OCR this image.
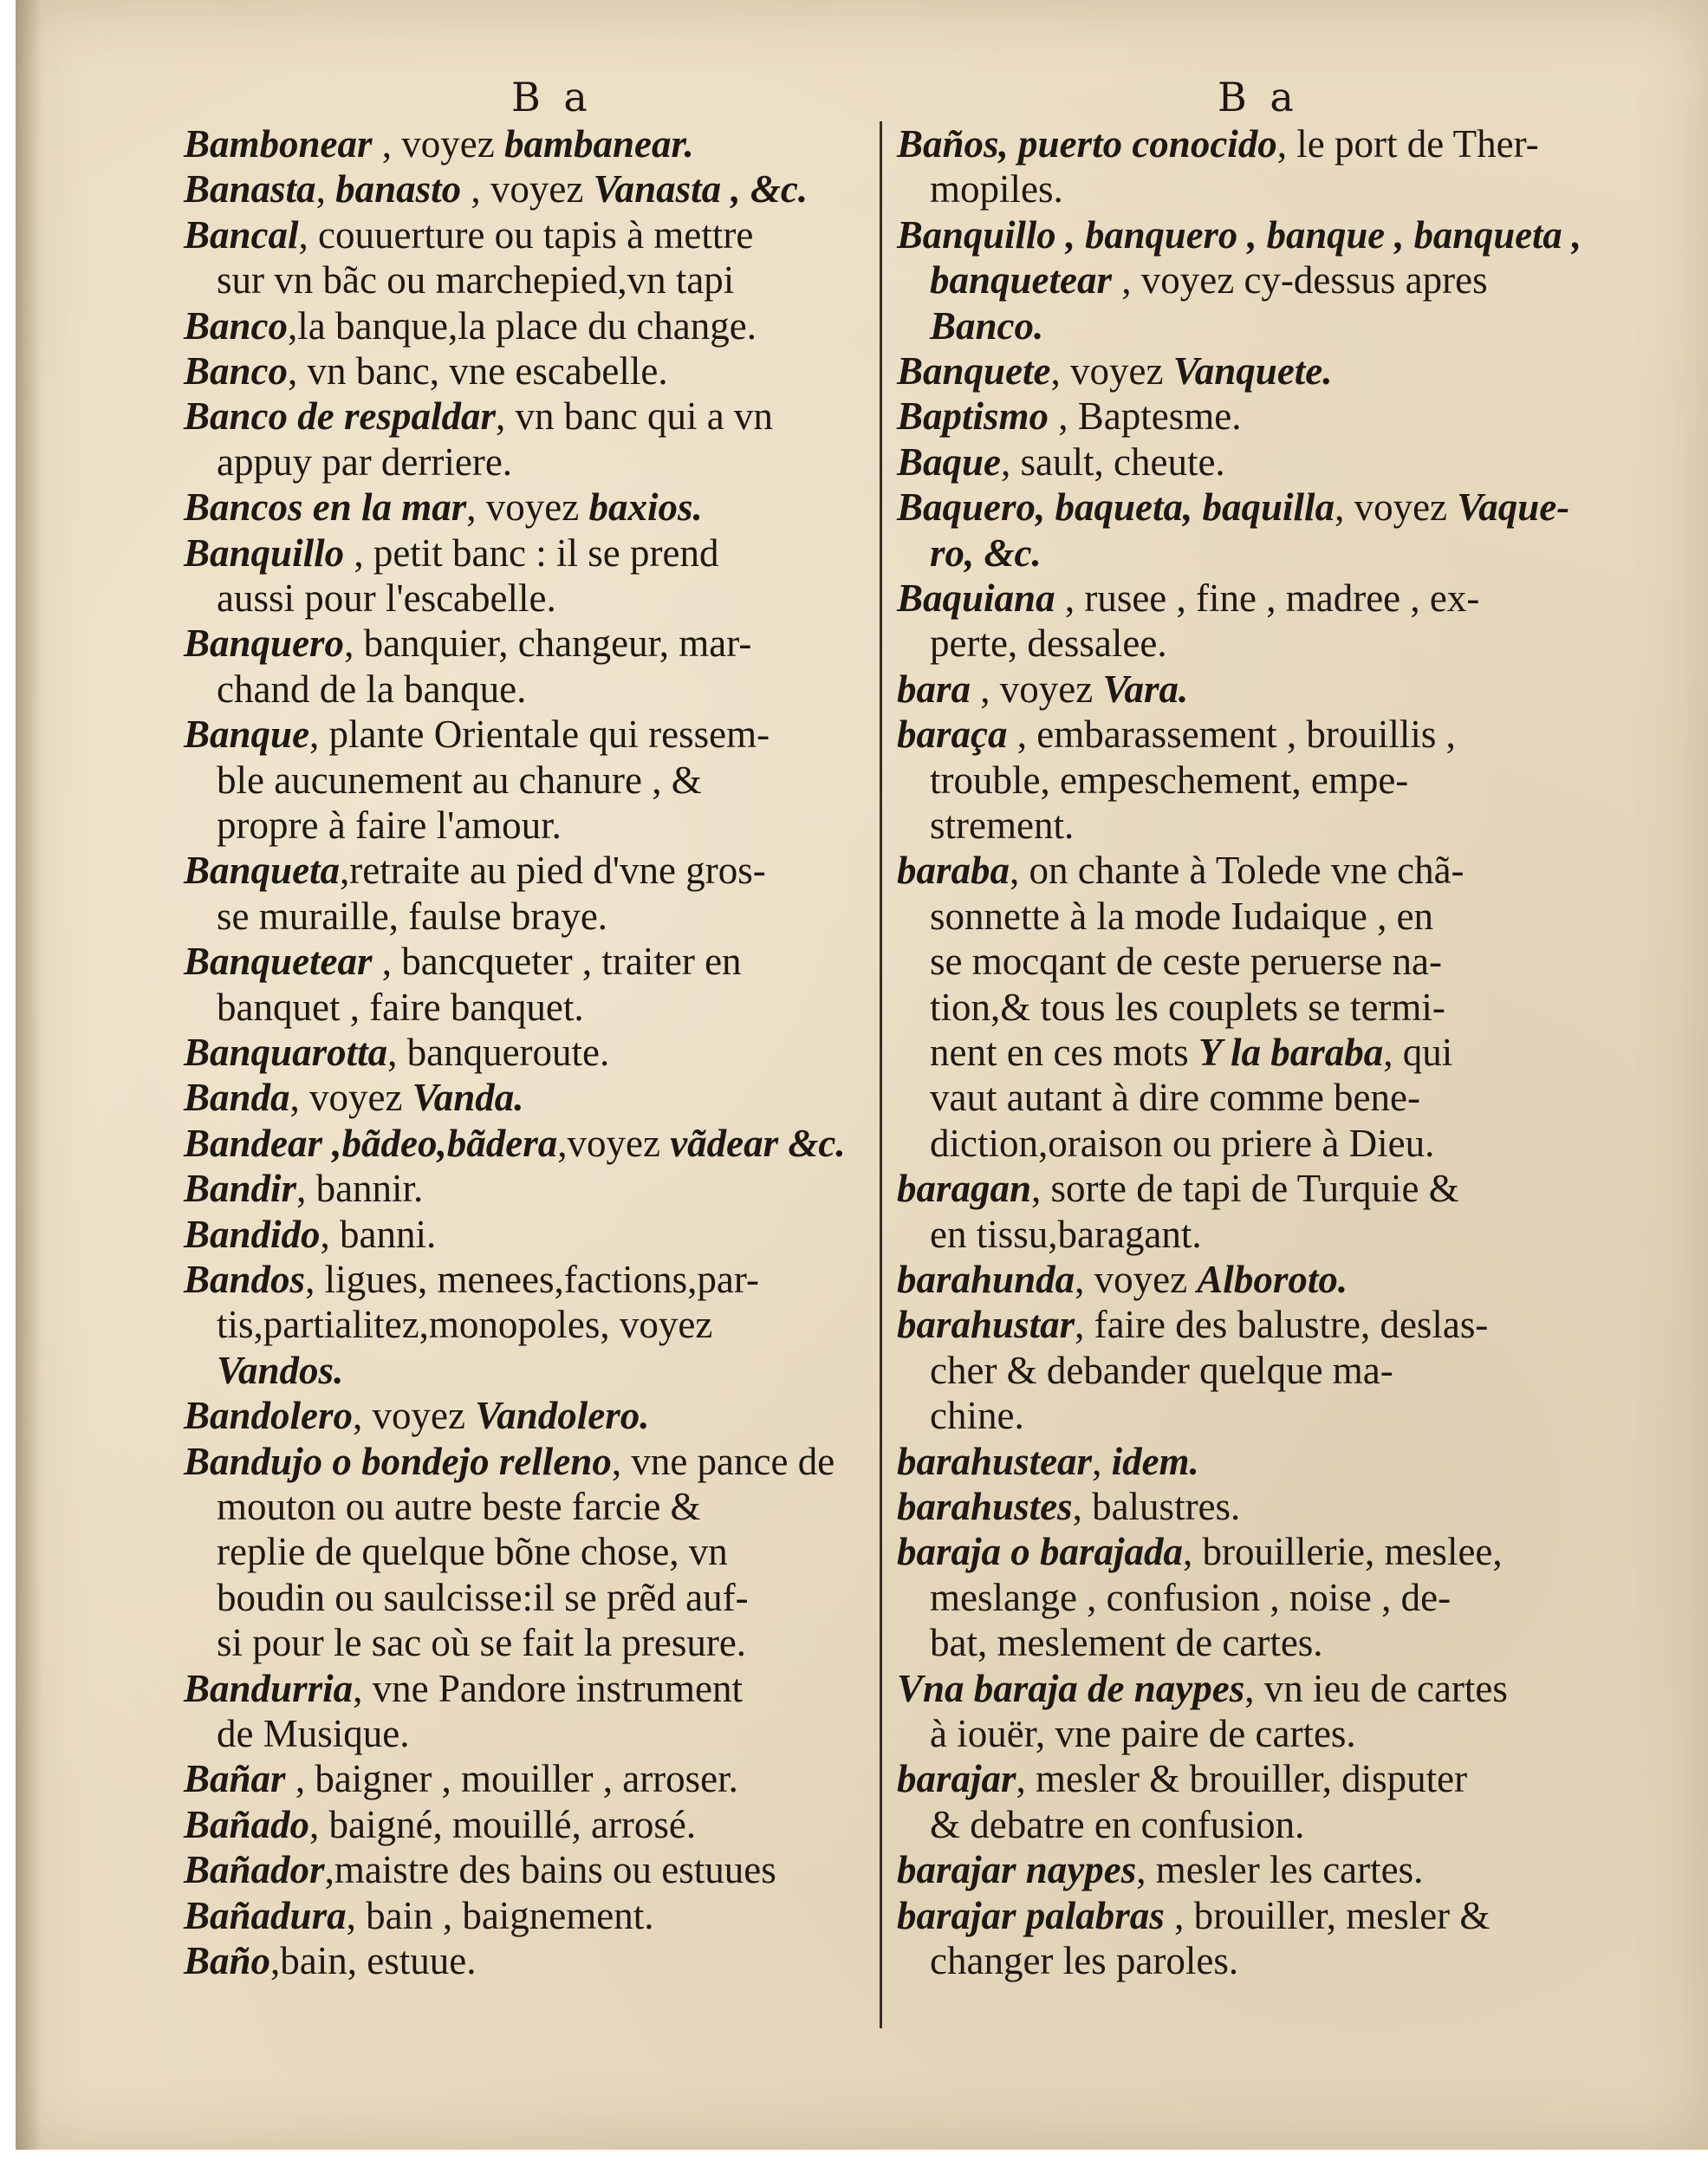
B a	B a
Bambonear , voyez bambanear.
Banasta, banasto , voyez Vanasta , &c.
Bancal, couuerture ou tapis à mettre
sur vn bãc ou marchepied,vn tapi
Banco,la banque,la place du change.
Banco, vn banc, vne escabelle.
Banco de respaldar, vn banc qui a vn
appuy par derriere.
Bancos en la mar, voyez baxios.
Banquillo , petit banc : il se prend
aussi pour l'escabelle.
Banquero, banquier, changeur, mar-
chand de la banque.
Banque, plante Orientale qui ressem-
ble aucunement au chanure , &
propre à faire l'amour.
Banqueta,retraite au pied d'vne gros-
se muraille, faulse braye.
Banquetear , bancqueter , traiter en
banquet , faire banquet.
Banquarotta, banqueroute.
Banda, voyez Vanda.
Bandear ,bãdeo,bãdera,voyez vãdear &c.
Bandir, bannir.
Bandido, banni.
Bandos, ligues, menees,factions,par-
tis,partialitez,monopoles, voyez
Vandos.
Bandolero, voyez Vandolero.
Bandujo o bondejo relleno, vne pance de
mouton ou autre beste farcie &
replie de quelque bõne chose, vn
boudin ou saulcisse:il se prẽd auf-
si pour le sac où se fait la presure.
Bandurria, vne Pandore instrument
de Musique.
Bañar , baigner , mouiller , arroser.
Bañado, baigné, mouillé, arrosé.
Bañador,maistre des bains ou estuues
Bañadura, bain , baignement.
Baño,bain, estuue.
Baños, puerto conocido, le port de Ther-
mopiles.
Banquillo , banquero , banque , banqueta ,
banquetear , voyez cy-dessus apres
Banco.
Banquete, voyez Vanquete.
Baptismo , Baptesme.
Baque, sault, cheute.
Baquero, baqueta, baquilla, voyez Vaque-
ro, &c.
Baquiana , rusee , fine , madree , ex-
perte, dessalee.
bara , voyez Vara.
baraça , embarassement , brouillis ,
trouble, empeschement, empe-
strement.
baraba, on chante à Tolede vne chã-
sonnette à la mode Iudaique , en
se mocqant de ceste peruerse na-
tion,& tous les couplets se termi-
nent en ces mots Y la baraba, qui
vaut autant à dire comme bene-
diction,oraison ou priere à Dieu.
baragan, sorte de tapi de Turquie &
en tissu,baragant.
barahunda, voyez Alboroto.
barahustar, faire des balustre, deslas-
cher & debander quelque ma-
chine.
barahustear, idem.
barahustes, balustres.
baraja o barajada, brouillerie, meslee,
meslange , confusion , noise , de-
bat, meslement de cartes.
Vna baraja de naypes, vn ieu de cartes
à iouër, vne paire de cartes.
barajar, mesler & brouiller, disputer
& debatre en confusion.
barajar naypes, mesler les cartes.
barajar palabras , brouiller, mesler &
changer les paroles.
